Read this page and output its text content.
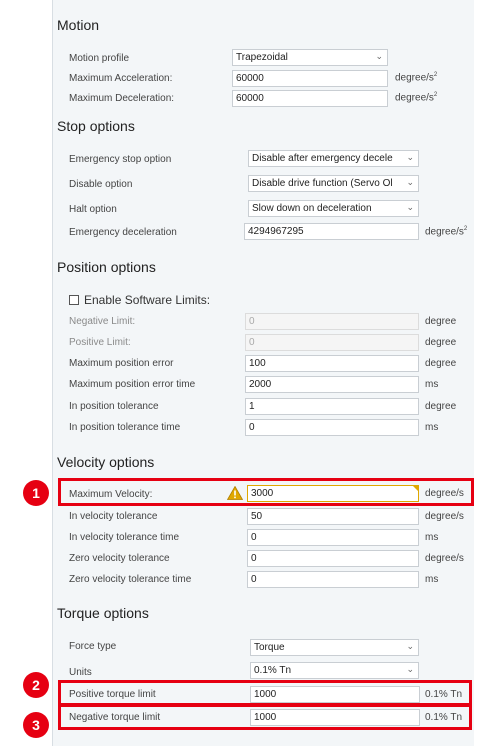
Motion
Motion profile	Trapezoidal	⌄
Maximum Acceleration:	60000	degree/$s^2$
Maximum Deceleration:	60000	degree/$s^2$
Stop options
Emergency stop option	Disable after emergency decele	⌄
Disable option	Disable drive function (Servo Ol	⌄
Halt option	Slow down on deceleration	⌄
Emergency deceleration	4294967295	degree/$s^2$
Position options
Enable Software Limits:
Negative Limit:	0	degree
Positive Limit:	0	degree
Maximum position error	100	degree
Maximum position error time	2000	ms
In position tolerance	1	degree
In position tolerance time	0	ms
Velocity options
Maximum Velocity:	3000	degree/s
In velocity tolerance	50	degree/s
In velocity tolerance time	0	ms
Zero velocity tolerance	0	degree/s
Zero velocity tolerance time	0	ms
Torque options
Force type	Torque	⌄
Units	0.1% Tn	⌄
Positive torque limit	1000	0.1% Tn
Negative torque limit	1000	0.1% Tn
1
2
3
